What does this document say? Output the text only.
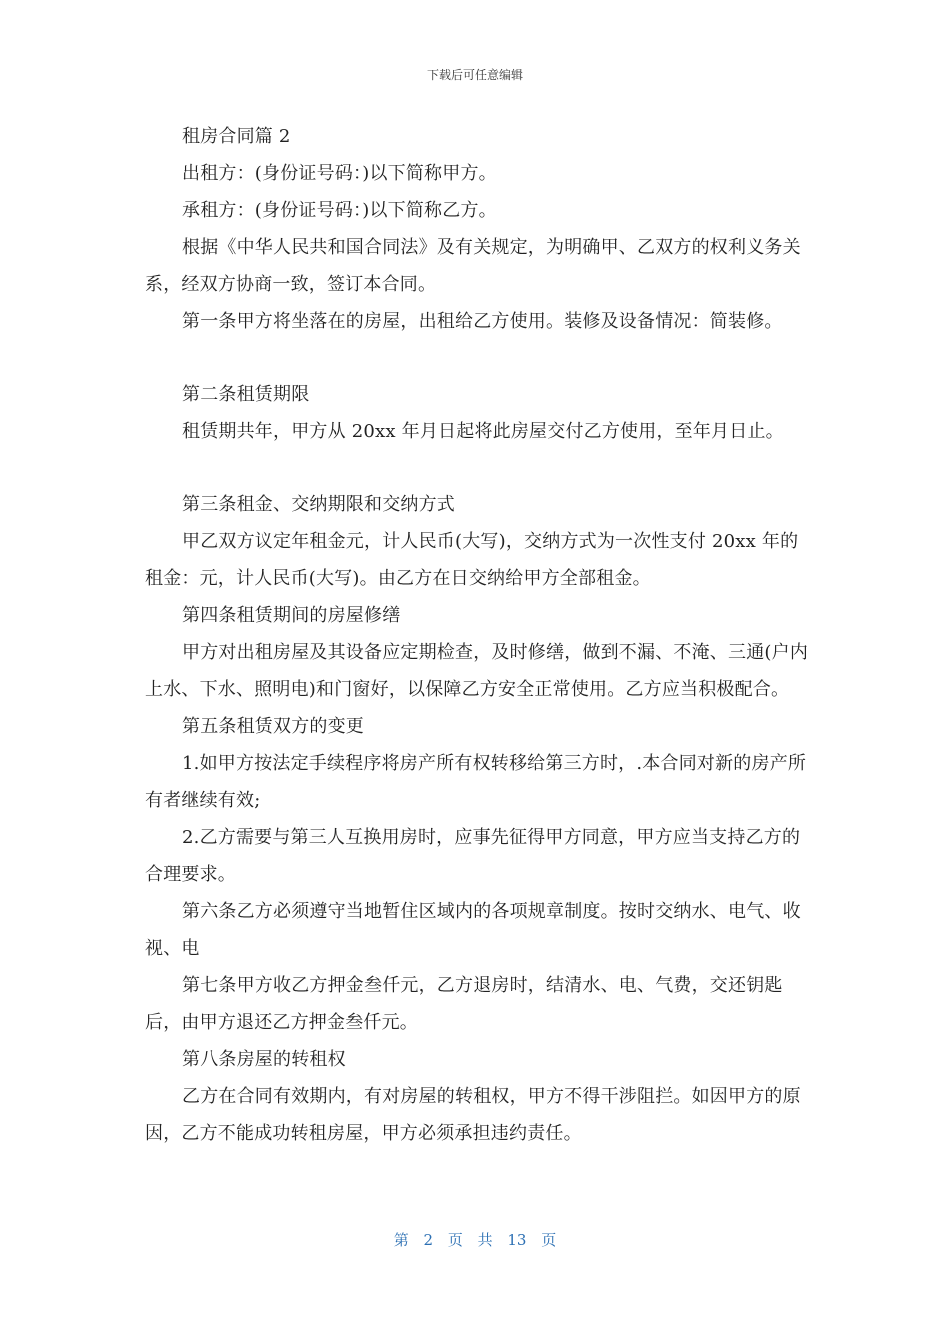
下载后可任意编辑

租房合同篇 2

出租方：(身份证号码：)以下简称甲方。

承租方：(身份证号码：)以下简称乙方。

根据《中华人民共和国合同法》及有关规定，为明确甲、乙双方的权利义务关系，经双方协商一致，签订本合同。

第一条甲方将坐落在的房屋，出租给乙方使用。装修及设备情况：简装修。

第二条租赁期限

租赁期共年，甲方从 20xx 年月日起将此房屋交付乙方使用，至年月日止。

第三条租金、交纳期限和交纳方式

甲乙双方议定年租金元，计人民币(大写)，交纳方式为一次性支付 20xx 年的租金：元，计人民币(大写)。由乙方在日交纳给甲方全部租金。

第四条租赁期间的房屋修缮

甲方对出租房屋及其设备应定期检查，及时修缮，做到不漏、不淹、三通(户内上水、下水、照明电)和门窗好，以保障乙方安全正常使用。乙方应当积极配合。

第五条租赁双方的变更

1.如甲方按法定手续程序将房产所有权转移给第三方时，.本合同对新的房产所有者继续有效;

2.乙方需要与第三人互换用房时，应事先征得甲方同意，甲方应当支持乙方的合理要求。

第六条乙方必须遵守当地暂住区域内的各项规章制度。按时交纳水、电气、收视、电

第七条甲方收乙方押金叁仟元，乙方退房时，结清水、电、气费，交还钥匙后，由甲方退还乙方押金叁仟元。

第八条房屋的转租权

乙方在合同有效期内，有对房屋的转租权，甲方不得干涉阻拦。如因甲方的原因，乙方不能成功转租房屋，甲方必须承担违约责任。

第 2 页 共 13 页
